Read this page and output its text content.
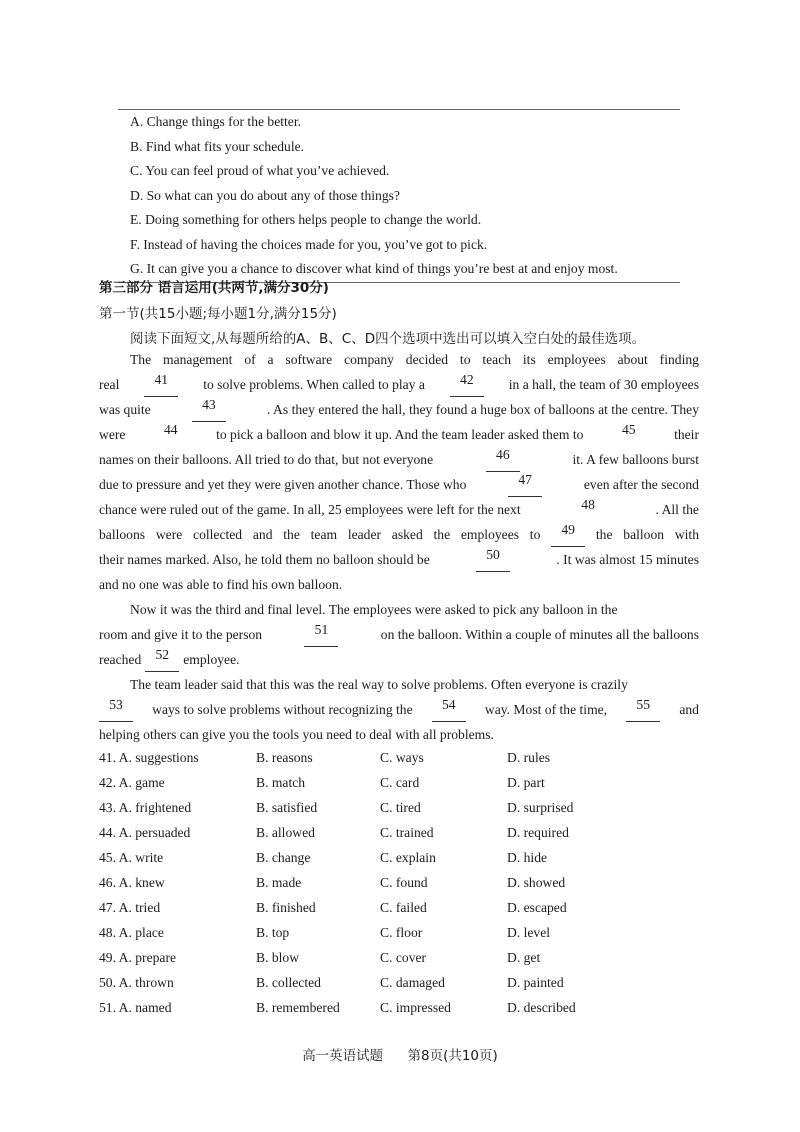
A. Change things for the better.
B. Find what fits your schedule.
C. You can feel proud of what you’ve achieved.
D. So what can you do about any of those things?
E. Doing something for others helps people to change the world.
F. Instead of having the choices made for you, you’ve got to pick.
G. It can give you a chance to discover what kind of things you’re best at and enjoy most.
第三部分 语言运用(共两节,满分30分)
第一节(共15小题;每小题1分,满分15分)
阅读下面短文,从每题所给的A、B、C、D四个选项中选出可以填入空白处的最佳选项。
The management of a software company decided to teach its employees about finding
real	41	to solve problems. When called to play a	42	in a hall, the team of 30 employees
was quite	43	. As they entered the hall, they found a huge box of balloons at the centre. They
were	44	to pick a balloon and blow it up. And the team leader asked them to	45	their
names on their balloons. All tried to do that, but not everyone	46	it. A few balloons burst
due to pressure and yet they were given another chance. Those who	47	even after the second
chance were ruled out of the game. In all, 25 employees were left for the next	48	. All the
balloons were collected and the team leader asked the employees to	49	the balloon with
their names marked. Also, he told them no balloon should be	50	. It was almost 15 minutes
and no one was able to find his own balloon.
Now it was the third and final level. The employees were asked to pick any balloon in the
room and give it to the person	51	on the balloon. Within a couple of minutes all the balloons
reached	52	employee.
The team leader said that this was the real way to solve problems. Often everyone is crazily
53	ways to solve problems without recognizing the	54	way. Most of the time,	55	and
helping others can give you the tools you need to deal with all problems.
41. A. suggestions	B. reasons	C. ways	D. rules
42. A. game	B. match	C. card	D. part
43. A. frightened	B. satisfied	C. tired	D. surprised
44. A. persuaded	B. allowed	C. trained	D. required
45. A. write	B. change	C. explain	D. hide
46. A. knew	B. made	C. found	D. showed
47. A. tried	B. finished	C. failed	D. escaped
48. A. place	B. top	C. floor	D. level
49. A. prepare	B. blow	C. cover	D. get
50. A. thrown	B. collected	C. damaged	D. painted
51. A. named	B. remembered	C. impressed	D. described
高一英语试题 第8页(共10页)
